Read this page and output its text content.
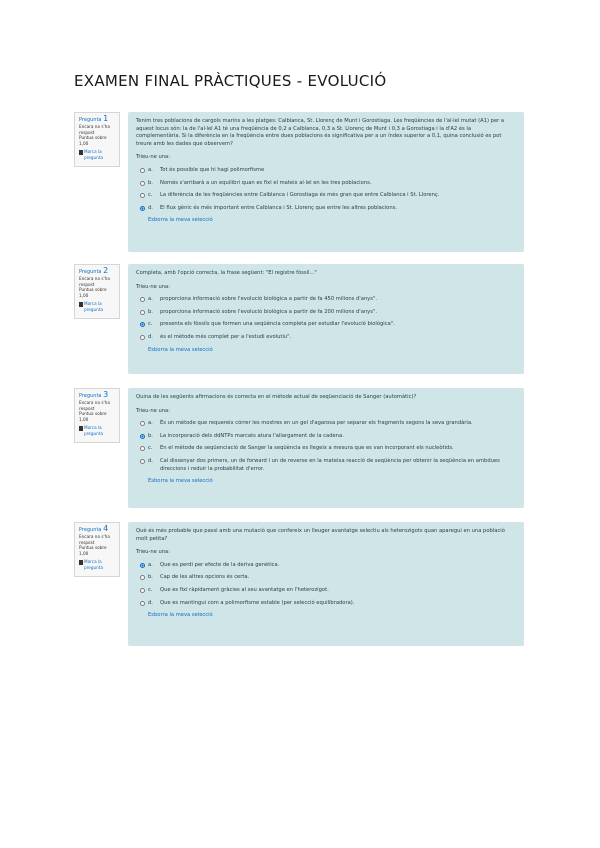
EXAMEN FINAL PRÀCTIQUES - EVOLUCIÓ
Pregunta 1
Encara no s'ha respost
Puntua sobre 1,00
Marca la pregunta

Tenim tres poblacions de cargols marins a les platges: Calblanca, St. Llorenç de Munt i Gorostiaga. Les freqüències de l'al·lel mutat (A1) per a aquest locus són: la de l'al·lel A1 té una freqüència de 0,2 a Calblanca, 0,3 a St. Llorenç de Munt i 0,3 a Gorostiaga i la d'A2 és la complementària. Si la diferència en la freqüència entre dues poblacions és significativa per a un índex superior a 0,1, quina conclusió es pot treure amb les dades que observem?

Trieu-ne una:
a.	Tot és possible que hi hagi polimorfisme
b.	Només s'arribarà a un equilibri quan es fixi el mateix al·lel en les tres poblacions.
c.	La diferència de les freqüències entre Calblanca i Gorostiaga és més gran que entre Calblanca i St. Llorenç.
d.	El flux gènic és més important entre Calblanca i St. Llorenç que entre les altres poblacions.
Esborra la meva selecció
Pregunta 2
Encara no s'ha respost
Puntua sobre 1,00
Marca la pregunta

Completa, amb l'opció correcta, la frase següent: "El registre fòssil..."

Trieu-ne una:
a.	proporciona informació sobre l'evolució biològica a partir de fa 450 milions d'anys".
b.	proporciona informació sobre l'evolució biològica a partir de fa 200 milions d'anys".
c.	presenta els fòssils que formen una seqüència completa per estudiar l'evolució biològica".
d.	és el mètode més complet per a l'estudi evolutiu".
Esborra la meva selecció
Pregunta 3
Encara no s'ha respost
Puntua sobre 1,00
Marca la pregunta

Quina de les següents afirmacions és correcta en el mètode actual de seqüenciació de Sanger (automàtic)?

Trieu-ne una:
a.	És un mètode que requereix córrer les mostres en un gel d'agarosa per separar els fragments segons la seva grandària.
b.	La incorporació dels ddNTPs marcats atura l'allargament de la cadena.
c.	En el mètode de seqüenciació de Sanger la seqüència es llegeix a mesura que es van incorporant els nucleòtids.
d.	Cal dissenyar dos primers, un de forward i un de reverse en la mateixa reacció de seqüència per obtenir la seqüència en ambdues direccions i reduir la probabilitat d'error.
Esborra la meva selecció
Pregunta 4
Encara no s'ha respost
Puntua sobre 1,00
Marca la pregunta

Què és més probable que passi amb una mutació que confereix un lleuger avantatge selectiu als heterozigots quan aparegui en una població molt petita?

Trieu-ne una:
a.	Que es perdi per efecte de la deriva genètica.
b.	Cap de les altres opcions és certa.
c.	Que es fixi ràpidament gràcies al seu avantatge en l'heterozigot.
d.	Que es mantingui com a polimorfisme estable (per selecció equilibradora).
Esborra la meva selecció
